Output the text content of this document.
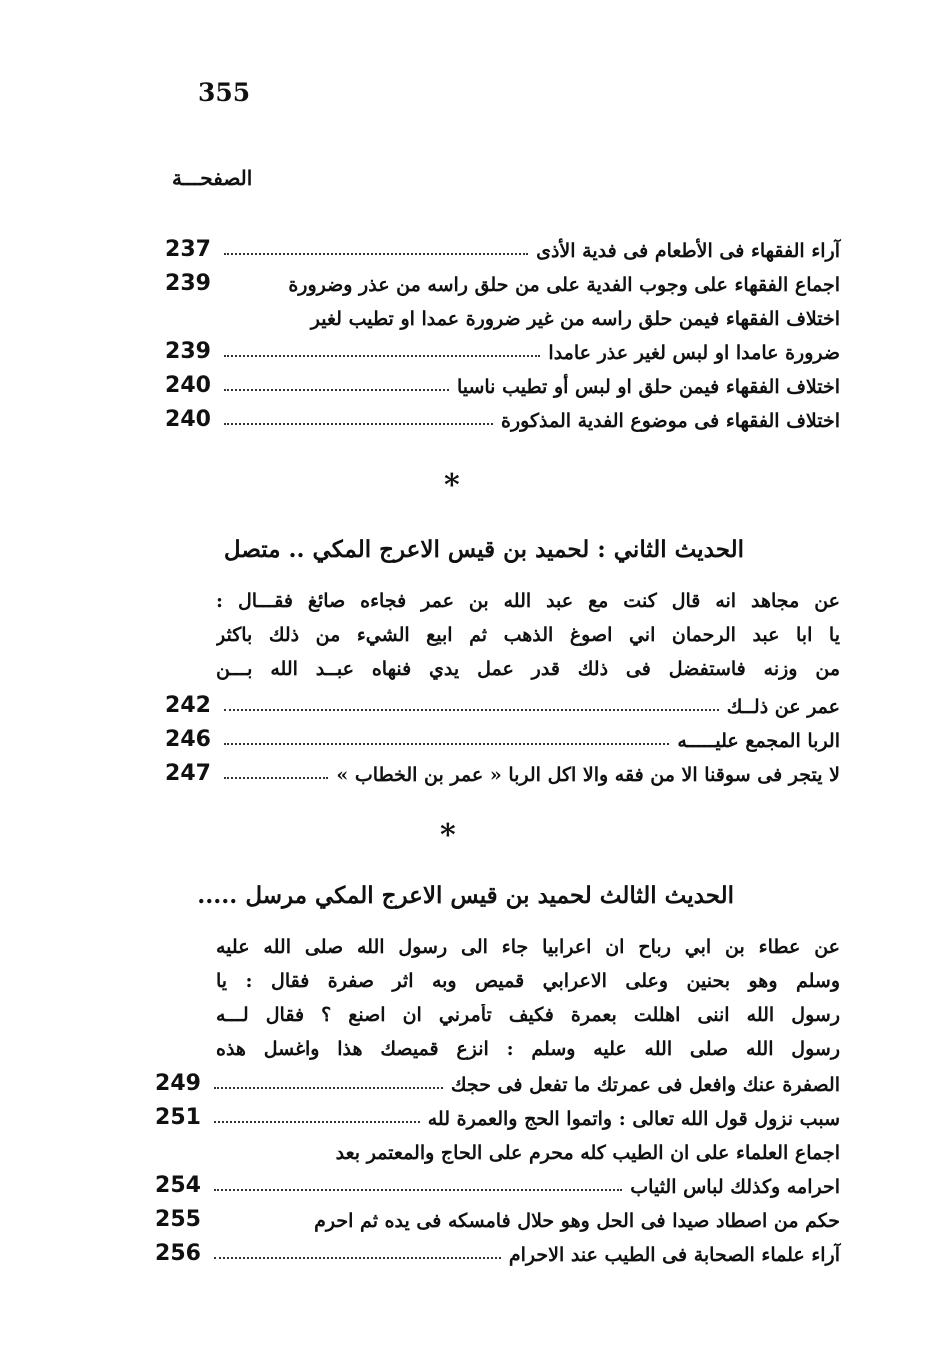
355
الصفحـــة
آراء الفقهاء فى الأطعام فى فدية الأذى
237
اجماع الفقهاء على وجوب الفدية على من حلق راسه من عذر وضرورة
239
اختلاف الفقهاء فيمن حلق راسه من غير ضرورة عمدا او تطيب لغير
ضرورة عامدا او لبس لغير عذر عامدا
239
اختلاف الفقهاء فيمن حلق او لبس أو تطيب ناسيا
240
اختلاف الفقهاء فى موضوع الفدية المذكورة
240
*
الحديث الثاني : لحميد بن قيس الاعرج المكي .. متصل
عن مجاهد انه قال كنت مع عبد الله بن عمر فجاءه صائغ فقـــال :
يا ابا عبد الرحمان اني اصوغ الذهب ثم ابيع الشيء من ذلك باكثر
من وزنه فاستفضل فى ذلك قدر عمل يدي فنهاه عبــد الله بـــن
عمر عن ذلــك
242
الربا المجمع عليـــــه
246
لا يتجر فى سوقنا الا من فقه والا اكل الربا « عمر بن الخطاب »
247
*
الحديث الثالث لحميد بن قيس الاعرج المكي مرسل .....
عن عطاء بن ابي رباح ان اعرابيا جاء الى رسول الله صلى الله عليه
وسلم وهو بحنين وعلى الاعرابي قميص وبه اثر صفرة فقال : يا
رسول الله اننى اهللت بعمرة فكيف تأمرني ان اصنع ؟ فقال لـــه
رسول الله صلى الله عليه وسلم : انزع قميصك هذا واغسل هذه
الصفرة عنك وافعل فى عمرتك ما تفعل فى حجك
249
سبب نزول قول الله تعالى : واتموا الحج والعمرة لله
251
اجماع العلماء على ان الطيب كله محرم على الحاج والمعتمر بعد
احرامه وكذلك لباس الثياب
254
حكم من اصطاد صيدا فى الحل وهو حلال فامسكه فى يده ثم احرم
255
آراء علماء الصحابة فى الطيب عند الاحرام
256
